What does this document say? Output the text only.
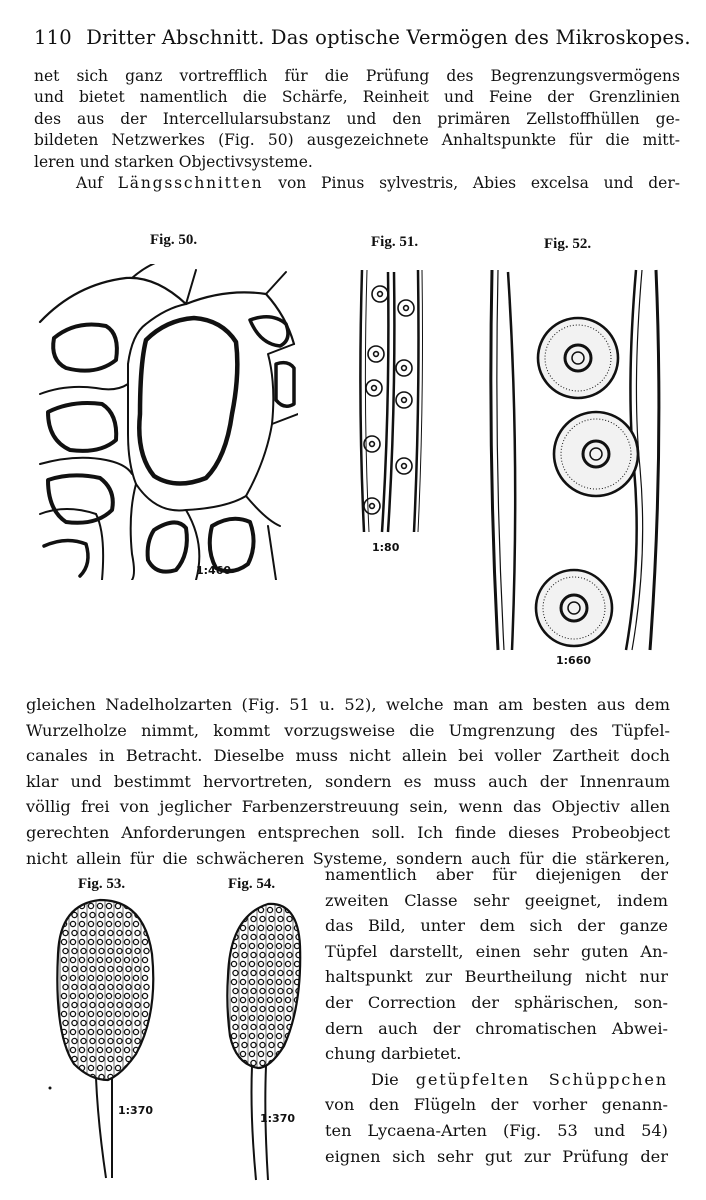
110 Dritter Abschnitt. Das optische Vermögen des Mikroskopes.
net sich ganz vortrefflich für die Prüfung des Begrenzungsvermögens
und bietet namentlich die Schärfe, Reinheit und Feine der Grenzlinien
des aus der Intercellularsubstanz und den primären Zellstoffhüllen ge-
bildeten Netzwerkes (Fig. 50) ausgezeichnete Anhaltspunkte für die mitt-
leren und starken Objectivsysteme.
Auf Längsschnitten von Pinus sylvestris, Abies excelsa und der-
Fig. 50.	Fig. 51.	Fig. 52.
1:460
1:80
1:660
gleichen Nadelholzarten (Fig. 51 u. 52), welche man am besten aus dem
Wurzelholze nimmt, kommt vorzugsweise die Umgrenzung des Tüpfel-
canales in Betracht. Dieselbe muss nicht allein bei voller Zartheit doch
klar und bestimmt hervortreten, sondern es muss auch der Innenraum
völlig frei von jeglicher Farbenzerstreuung sein, wenn das Objectiv allen
gerechten Anforderungen entsprechen soll. Ich finde dieses Probeobject
nicht allein für die schwächeren Systeme, sondern auch für die stärkeren,
Fig. 53.	Fig. 54.
1:370
1:370
namentlich aber für diejenigen der
zweiten Classe sehr geeignet, indem
das Bild, unter dem sich der ganze
Tüpfel darstellt, einen sehr guten An-
haltspunkt zur Beurtheilung nicht nur
der Correction der sphärischen, son-
dern auch der chromatischen Abwei-
chung darbietet.
Die getüpfelten Schüppchen
von den Flügeln der vorher genann-
ten Lycaena-Arten (Fig. 53 und 54)
eignen sich sehr gut zur Prüfung der
